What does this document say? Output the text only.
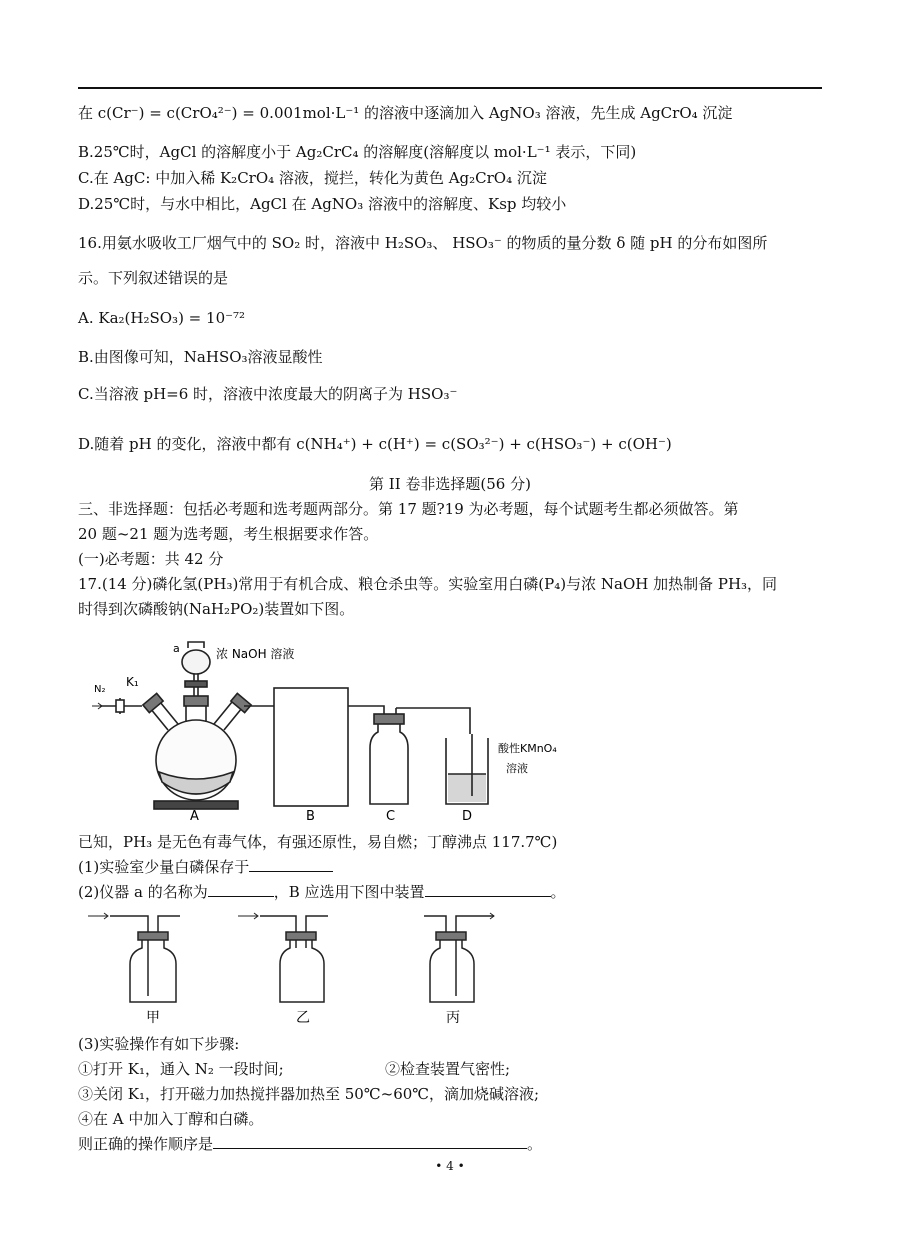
在 c(Cr⁻) = c(CrO₄²⁻) = 0.001mol·L⁻¹ 的溶液中逐滴加入 AgNO₃ 溶液，先生成 AgCrO₄ 沉淀
B.25℃时，AgCl 的溶解度小于 Ag₂CrC₄ 的溶解度(溶解度以 mol·L⁻¹ 表示，下同)
C.在 AgC: 中加入稀 K₂CrO₄ 溶液，搅拦，转化为黄色 Ag₂CrO₄ 沉淀
D.25℃时，与水中相比，AgCl 在 AgNO₃ 溶液中的溶解度、Ksp 均较小
16.用氨水吸收工厂烟气中的 SO₂ 时，溶液中 H₂SO₃、 HSO₃⁻ 的物质的量分数 δ 随 pH 的分布如图所
示。下列叙述错误的是
A. Ka₂(H₂SO₃) = 10⁻⁷²
B.由图像可知，NaHSO₃溶液显酸性
C.当溶液 pH=6 时，溶液中浓度最大的阴离子为 HSO₃⁻
D.随着 pH 的变化，溶液中都有 c(NH₄⁺) + c(H⁺) = c(SO₃²⁻) + c(HSO₃⁻) + c(OH⁻)
第 II 卷非选择题(56 分)
三、非选择题：包括必考题和选考题两部分。第 17 题?19 为必考题，每个试题考生都必须做答。第
20 题~21 题为选考题，考生根据要求作答。
(一)必考题：共 42 分
17.(14 分)磷化氢(PH₃)常用于有机合成、粮仓杀虫等。实验室用白磷(P₄)与浓 NaOH 加热制备 PH₃，同
时得到次磷酸钠(NaH₂PO₂)装置如下图。
a	浓 NaOH 溶液
N₂
K₁
酸性KMnO₄
溶液
A	B	C	D
已知，PH₃ 是无色有毒气体，有强还原性，易自燃；丁醇沸点 117.7℃)
(1)实验室少量白磷保存于
(2)仪器 a 的名称为	，B 应选用下图中装置	。
甲	乙	丙
(3)实验操作有如下步骤:
①打开 K₁，通入 N₂ 一段时间;	②检查装置气密性;
③关闭 K₁，打开磁力加热搅拌器加热至 50℃~60℃，滴加烧碱溶液;
④在 A 中加入丁醇和白磷。
则正确的操作顺序是	。
• 4 •
